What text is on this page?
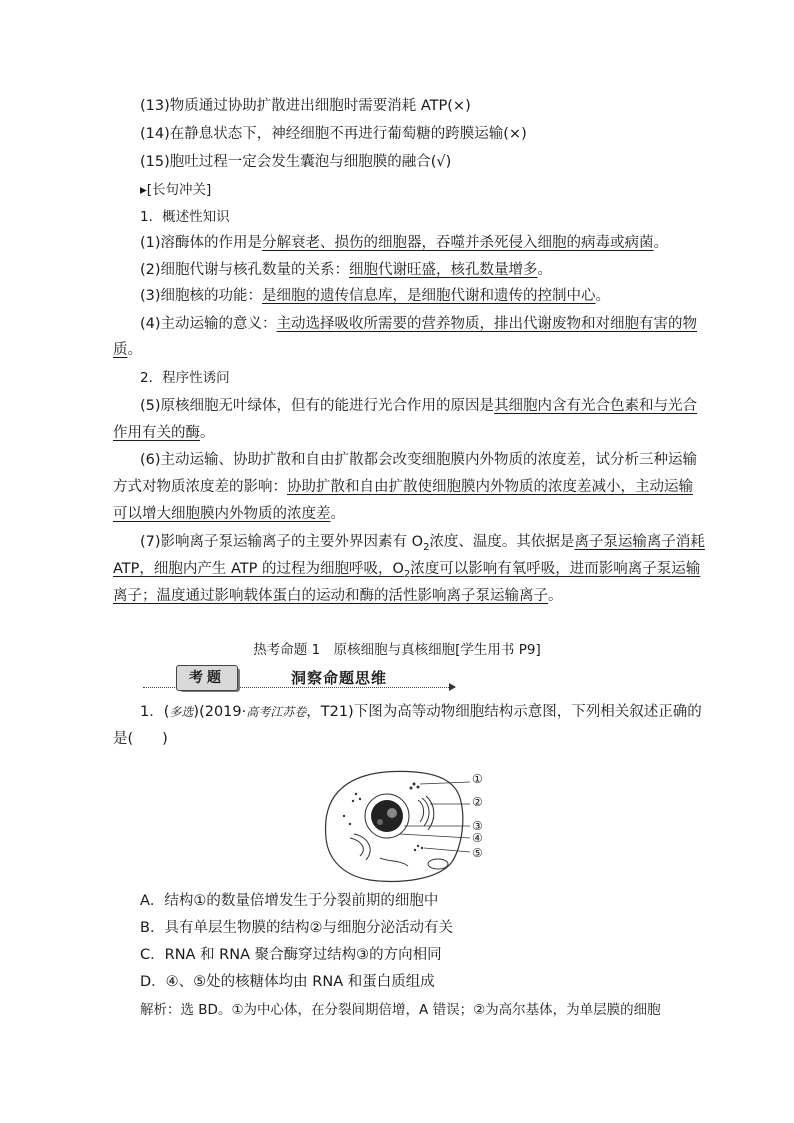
(13)物质通过协助扩散进出细胞时需要消耗 ATP(×)
(14)在静息状态下，神经细胞不再进行葡萄糖的跨膜运输(×)
(15)胞吐过程一定会发生囊泡与细胞膜的融合(√)
▸[长句冲关]
1．概述性知识
(1)溶酶体的作用是分解衰老、损伤的细胞器，吞噬并杀死侵入细胞的病毒或病菌。
(2)细胞代谢与核孔数量的关系：细胞代谢旺盛，核孔数量增多。
(3)细胞核的功能：是细胞的遗传信息库，是细胞代谢和遗传的控制中心。
(4)主动运输的意义：主动选择吸收所需要的营养物质，排出代谢废物和对细胞有害的物
质。
2．程序性诱问
(5)原核细胞无叶绿体，但有的能进行光合作用的原因是其细胞内含有光合色素和与光合
作用有关的酶。
(6)主动运输、协助扩散和自由扩散都会改变细胞膜内外物质的浓度差，试分析三种运输
方式对物质浓度差的影响：协助扩散和自由扩散使细胞膜内外物质的浓度差减小，主动运输
可以增大细胞膜内外物质的浓度差。
(7)影响离子泵运输离子的主要外界因素有 $O_2$浓度、温度。其依据是离子泵运输离子消耗
ATP，细胞内产生 ATP 的过程为细胞呼吸，$O_2$浓度可以影响有氧呼吸，进而影响离子泵运输
离子；温度通过影响载体蛋白的运动和酶的活性影响离子泵运输离子。
热考命题 1　原核细胞与真核细胞[学生用书 P9]
考题	洞察命题思维
1．(多选)(2019·高考江苏卷，T21)下图为高等动物细胞结构示意图，下列相关叙述正确的
是(　　)
①
②
③
④
⑤
A．结构①的数量倍增发生于分裂前期的细胞中
B．具有单层生物膜的结构②与细胞分泌活动有关
C．RNA 和 RNA 聚合酶穿过结构③的方向相同
D．④、⑤处的核糖体均由 RNA 和蛋白质组成
解析：选 BD。①为中心体，在分裂间期倍增，A 错误；②为高尔基体，为单层膜的细胞
